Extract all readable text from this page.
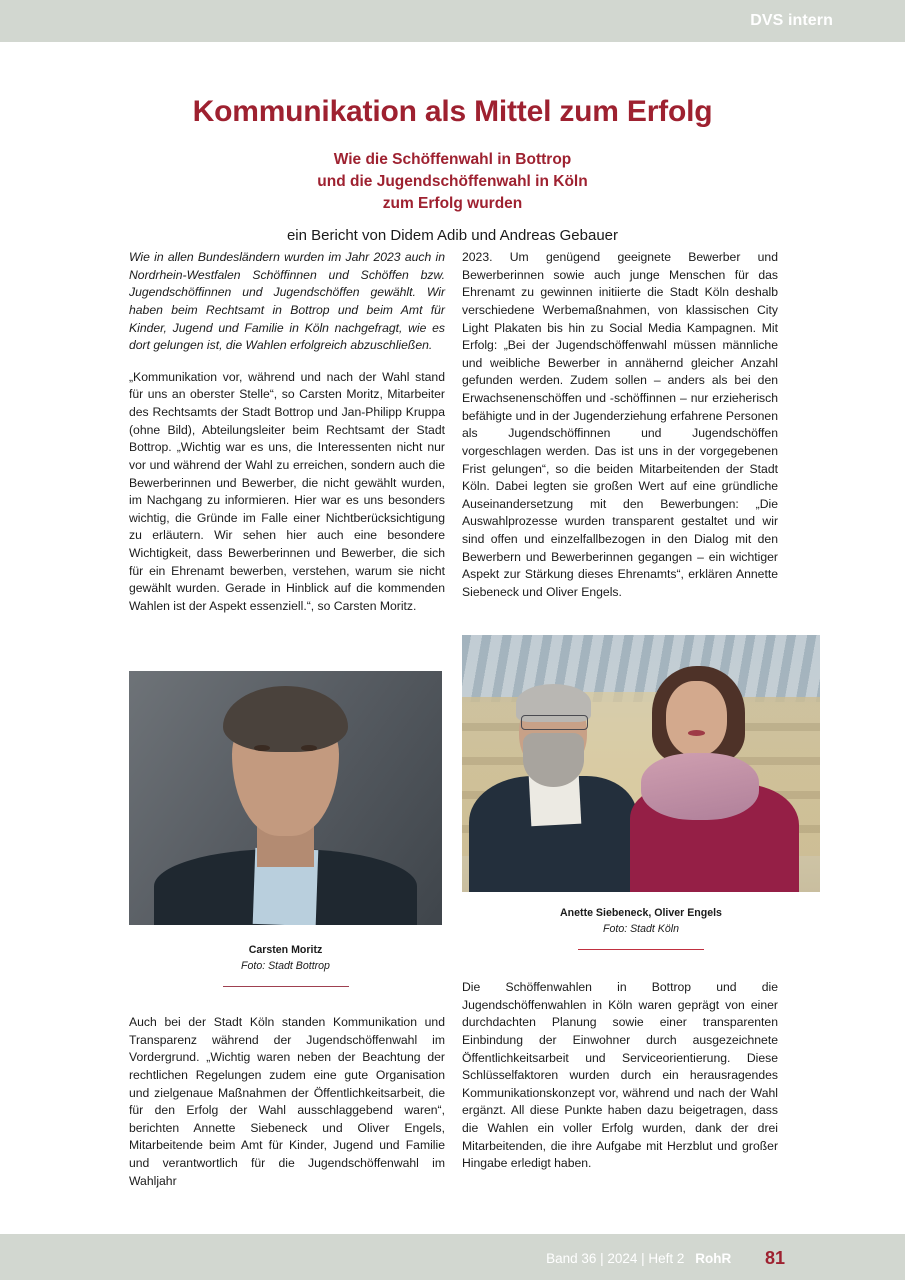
DVS intern
Kommunikation als Mittel zum Erfolg
Wie die Schöffenwahl in Bottrop
und die Jugendschöffenwahl in Köln
zum Erfolg wurden
ein Bericht von Didem Adib und Andreas Gebauer

Wie in allen Bundesländern wurden im Jahr 2023 auch in Nordrhein-Westfalen Schöffinnen und Schöffen bzw. Jugendschöffinnen und Jugendschöffen gewählt. Wir haben beim Rechtsamt in Bottrop und beim Amt für Kinder, Jugend und Familie in Köln nachgefragt, wie es dort gelungen ist, die Wahlen erfolgreich abzuschließen.

„Kommunikation vor, während und nach der Wahl stand für uns an oberster Stelle“, so Carsten Moritz, Mitarbeiter des Rechtsamts der Stadt Bottrop und Jan-Philipp Kruppa (ohne Bild), Abteilungsleiter beim Rechtsamt der Stadt Bottrop. „Wichtig war es uns, die Interessenten nicht nur vor und während der Wahl zu erreichen, sondern auch die Bewerberinnen und Bewerber, die nicht gewählt wurden, im Nachgang zu informieren. Hier war es uns besonders wichtig, die Gründe im Falle einer Nichtberücksichtigung zu erläutern. Wir sehen hier auch eine besondere Wichtigkeit, dass Bewerberinnen und Bewerber, die sich für ein Ehrenamt bewerben, verstehen, warum sie nicht gewählt wurden. Gerade in Hinblick auf die kommenden Wahlen ist der Aspekt essenziell.“, so Carsten Moritz.

2023. Um genügend geeignete Bewerber und Bewerberinnen sowie auch junge Menschen für das Ehrenamt zu gewinnen initiierte die Stadt Köln deshalb verschiedene Werbemaßnahmen, von klassischen City Light Plakaten bis hin zu Social Media Kampagnen. Mit Erfolg: „Bei der Jugendschöffenwahl müssen männliche und weibliche Bewerber in annähernd gleicher Anzahl gefunden werden. Zudem sollen – anders als bei den Erwachsenenschöffen und -schöffinnen – nur erzieherisch befähigte und in der Jugenderziehung erfahrene Personen als Jugendschöffinnen und Jugendschöffen vorgeschlagen werden. Das ist uns in der vorgegebenen Frist gelungen“, so die beiden Mitarbeitenden der Stadt Köln. Dabei legten sie großen Wert auf eine gründliche Auseinandersetzung mit den Bewerbungen: „Die Auswahlprozesse wurden transparent gestaltet und wir sind offen und einzelfallbezogen in den Dialog mit den Bewerbern und Bewerberinnen gegangen – ein wichtiger Aspekt zur Stärkung dieses Ehrenamts“, erklären Annette Siebeneck und Oliver Engels.

Carsten Moritz
Foto: Stadt Bottrop
Anette Siebeneck, Oliver Engels
Foto: Stadt Köln

Auch bei der Stadt Köln standen Kommunikation und Transparenz während der Jugendschöffenwahl im Vordergrund. „Wichtig waren neben der Beachtung der rechtlichen Regelungen zudem eine gute Organisation und zielgenaue Maßnahmen der Öffentlichkeitsarbeit, die für den Erfolg der Wahl ausschlaggebend waren“, berichten Annette Siebeneck und Oliver Engels, Mitarbeitende beim Amt für Kinder, Jugend und Familie und verantwortlich für die Jugendschöffenwahl im Wahljahr

Die Schöffenwahlen in Bottrop und die Jugendschöffenwahlen in Köln waren geprägt von einer durchdachten Planung sowie einer transparenten Einbindung der Einwohner durch ausgezeichnete Öffentlichkeitsarbeit und Serviceorientierung. Diese Schlüsselfaktoren wurden durch ein herausragendes Kommunikationskonzept vor, während und nach der Wahl ergänzt. All diese Punkte haben dazu beigetragen, dass die Wahlen ein voller Erfolg wurden, dank der drei Mitarbeitenden, die ihre Aufgabe mit Herzblut und großer Hingabe erledigt haben.

Band 36 | 2024 | Heft 2 RohR 81
